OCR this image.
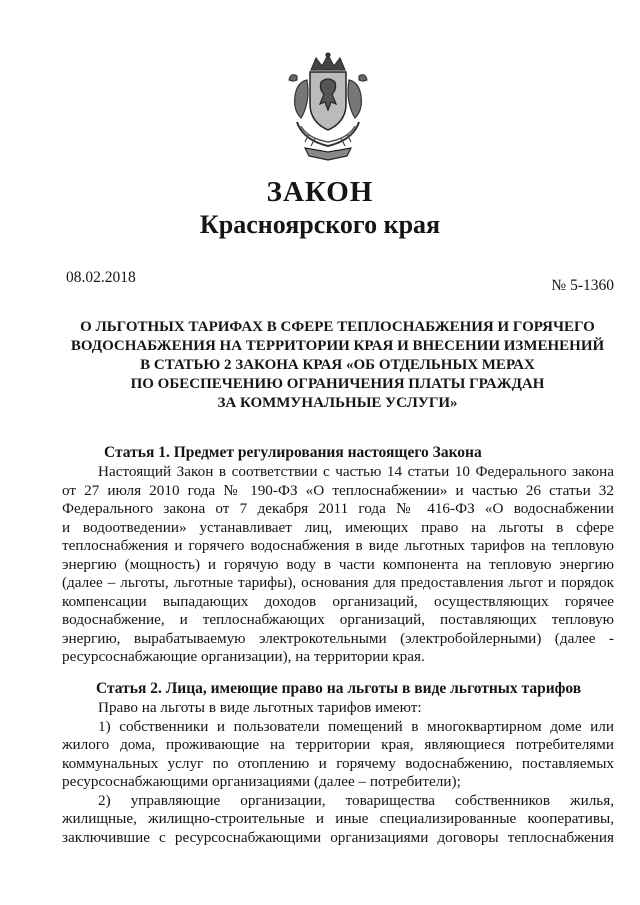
ЗАКОН
Красноярского края
08.02.2018	№ 5-1360
О ЛЬГОТНЫХ ТАРИФАХ В СФЕРЕ ТЕПЛОСНАБЖЕНИЯ И ГОРЯЧЕГО
ВОДОСНАБЖЕНИЯ НА ТЕРРИТОРИИ КРАЯ И ВНЕСЕНИИ ИЗМЕНЕНИЙ
В СТАТЬЮ 2 ЗАКОНА КРАЯ «ОБ ОТДЕЛЬНЫХ МЕРАХ
ПО ОБЕСПЕЧЕНИЮ ОГРАНИЧЕНИЯ ПЛАТЫ ГРАЖДАН
ЗА КОММУНАЛЬНЫЕ УСЛУГИ»
Статья 1. Предмет регулирования настоящего Закона
Настоящий Закон в соответствии с частью 14 статьи 10 Федерального закона
от 27 июля 2010 года № 190-ФЗ «О теплоснабжении» и частью 26 статьи 32
Федерального закона от 7 декабря 2011 года № 416-ФЗ «О водоснабжении
и водоотведении» устанавливает лиц, имеющих право на льготы в сфере
теплоснабжения и горячего водоснабжения в виде льготных тарифов на тепловую
энергию (мощность) и горячую воду в части компонента на тепловую энергию
(далее – льготы, льготные тарифы), основания для предоставления льгот и порядок
компенсации выпадающих доходов организаций, осуществляющих горячее
водоснабжение, и теплоснабжающих организаций, поставляющих тепловую
энергию, вырабатываемую электрокотельными (электробойлерными) (далее -
ресурсоснабжающие организации), на территории края.
Статья 2. Лица, имеющие право на льготы в виде льготных тарифов
Право на льготы в виде льготных тарифов имеют:
1) собственники и пользователи помещений в многоквартирном доме или
жилого дома, проживающие на территории края, являющиеся потребителями
коммунальных услуг по отоплению и горячему водоснабжению, поставляемых
ресурсоснабжающими организациями (далее – потребители);
2) управляющие организации, товарищества собственников жилья,
жилищные, жилищно-строительные и иные специализированные кооперативы,
заключившие с ресурсоснабжающими организациями договоры теплоснабжения
